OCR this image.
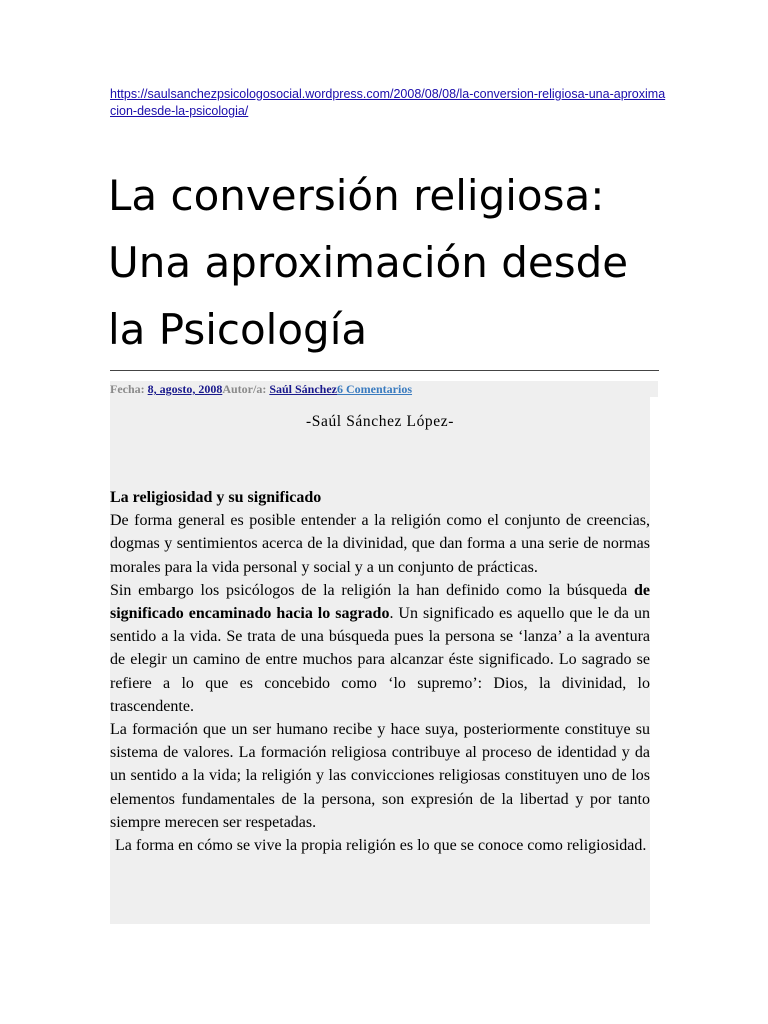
https://saulsanchezpsicologosocial.wordpress.com/2008/08/08/la-conversion-religiosa-una-aproximacion-desde-la-psicologia/
La conversión religiosa: Una aproximación desde la Psicología
Fecha: 8, agosto, 2008Autor/a: Saúl Sánchez6 Comentarios
-Saúl Sánchez López-

La religiosidad y su significado

De forma general es posible entender a la religión como el conjunto de creencias, dogmas y sentimientos acerca de la divinidad, que dan forma a una serie de normas morales para la vida personal y social y a un conjunto de prácticas.

Sin embargo los psicólogos de la religión la han definido como la búsqueda de significado encaminado hacia lo sagrado. Un significado es aquello que le da un sentido a la vida. Se trata de una búsqueda pues la persona se ‘lanza’ a la aventura de elegir un camino de entre muchos para alcanzar éste significado. Lo sagrado se refiere a lo que es concebido como ‘lo supremo’: Dios, la divinidad, lo trascendente.

La formación que un ser humano recibe y hace suya, posteriormente constituye su sistema de valores. La formación religiosa contribuye al proceso de identidad y da un sentido a la vida; la religión y las convicciones religiosas constituyen uno de los elementos fundamentales de la persona, son expresión de la libertad y por tanto siempre merecen ser respetadas.

La forma en cómo se vive la propia religión es lo que se conoce como religiosidad.
